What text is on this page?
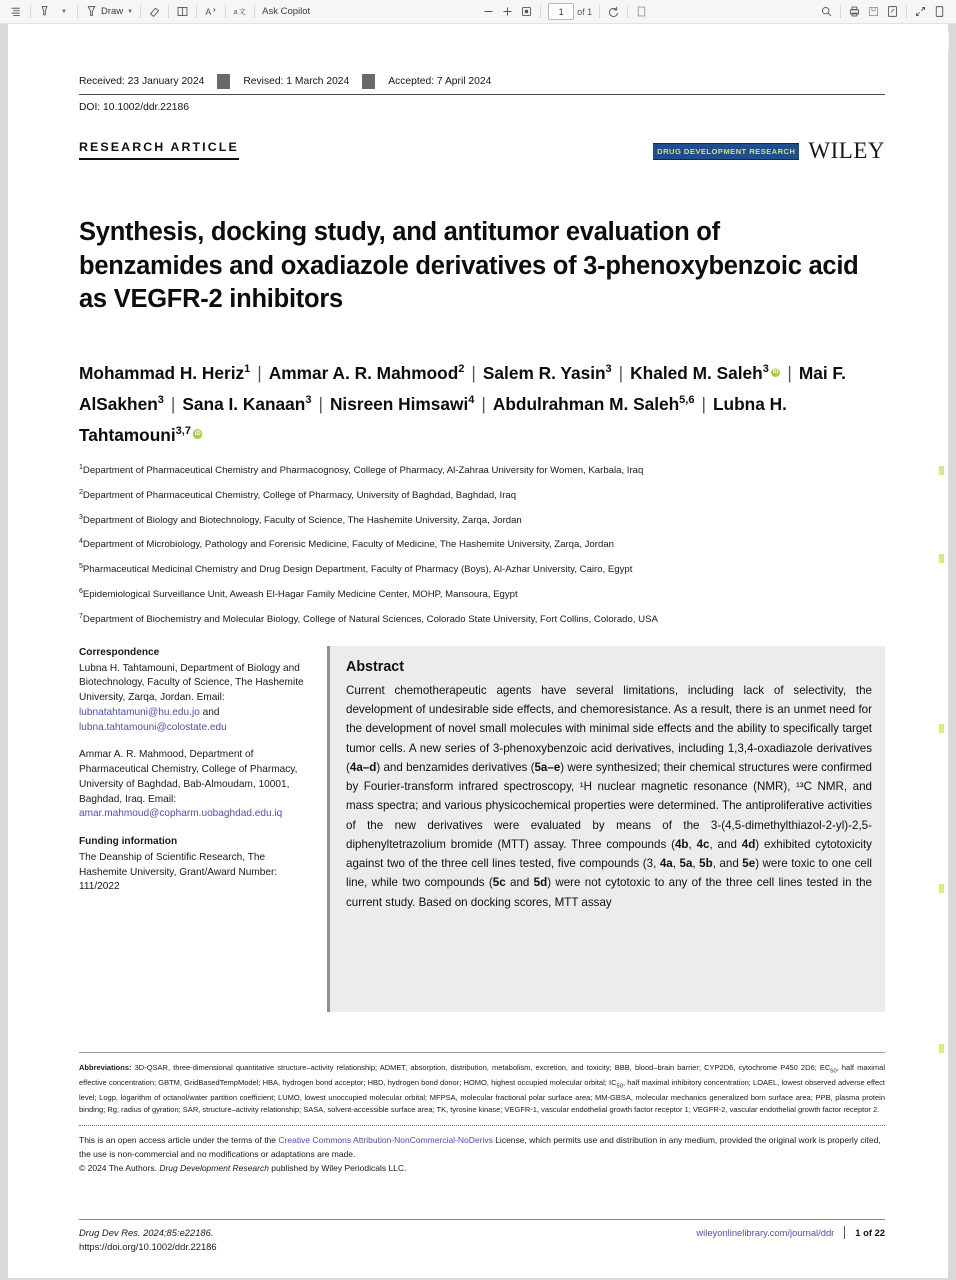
▼	Draw ▼	A a 文 Ask Copilot	1	of 1
Received: 23 January 2024	Revised: 1 March 2024	Accepted: 7 April 2024
DOI: 10.1002/ddr.22186
RESEARCH ARTICLE	DRUG DEVELOPMENT RESEARCH WILEY
Synthesis, docking study, and antitumor evaluation of benzamides and oxadiazole derivatives of 3-phenoxybenzoic acid as VEGFR-2 inhibitors
Mohammad H. Heriz$^1$ | Ammar A. R. Mahmood$^2$ | Salem R. Yasin$^3$ | Khaled M. Saleh$^3$ iD | Mai F. AlSakhen$^3$ | Sana I. Kanaan$^3$ | Nisreen Himsawi$^4$ | Abdulrahman M. Saleh$^{5,6}$ | Lubna H. Tahtamouni$^{3,7}$iD
$^1$Department of Pharmaceutical Chemistry and Pharmacognosy, College of Pharmacy, Al-Zahraa University for Women, Karbala, Iraq
$^2$Department of Pharmaceutical Chemistry, College of Pharmacy, University of Baghdad, Baghdad, Iraq
$^3$Department of Biology and Biotechnology, Faculty of Science, The Hashemite University, Zarqa, Jordan
$^4$Department of Microbiology, Pathology and Forensic Medicine, Faculty of Medicine, The Hashemite University, Zarqa, Jordan
$^5$Pharmaceutical Medicinal Chemistry and Drug Design Department, Faculty of Pharmacy (Boys), Al-Azhar University, Cairo, Egypt
$^6$Epidemiological Surveillance Unit, Aweash El-Hagar Family Medicine Center, MOHP, Mansoura, Egypt
$^7$Department of Biochemistry and Molecular Biology, College of Natural Sciences, Colorado State University, Fort Collins, Colorado, USA
Correspondence

Lubna H. Tahtamouni, Department of Biology and Biotechnology, Faculty of Science, The Hashemite University, Zarqa, Jordan. Email: lubnatahtamuni@hu.edu.jo and lubna.tahtamouni@colostate.edu

Ammar A. R. Mahmood, Department of Pharmaceutical Chemistry, College of Pharmacy, University of Baghdad, Bab-Almoudam, 10001, Baghdad, Iraq. Email: amar.mahmoud@copharm.uobaghdad.edu.iq

Funding information

The Deanship of Scientific Research, The Hashemite University, Grant/Award Number: 111/2022

Abstract

Current chemotherapeutic agents have several limitations, including lack of selectivity, the development of undesirable side effects, and chemoresistance. As a result, there is an unmet need for the development of novel small molecules with minimal side effects and the ability to specifically target tumor cells. A new series of 3-phenoxybenzoic acid derivatives, including 1,3,4-oxadiazole derivatives (4a–d) and benzamides derivatives (5a–e) were synthesized; their chemical structures were confirmed by Fourier-transform infrared spectroscopy, ¹H nuclear magnetic resonance (NMR), ¹³C NMR, and mass spectra; and various physicochemical properties were determined. The antiproliferative activities of the new derivatives were evaluated by means of the 3-(4,5-dimethylthiazol-2-yl)-2,5-diphenyltetrazolium bromide (MTT) assay. Three compounds (4b, 4c, and 4d) exhibited cytotoxicity against two of the three cell lines tested, five compounds (3, 4a, 5a, 5b, and 5e) were toxic to one cell line, while two compounds (5c and 5d) were not cytotoxic to any of the three cell lines tested in the current study. Based on docking scores, MTT assay

Abbreviations: 3D-QSAR, three-dimensional quantitative structure–activity relationship; ADMET, absorption, distribution, metabolism, excretion, and toxicity; BBB, blood–brain barrier; CYP2D6, cytochrome P450 2D6; $EC_{50}$, half maximal effective concentration; GBTM, GridBasedTempModel; HBA, hydrogen bond acceptor; HBD, hydrogen bond donor; HOMO, highest occupied molecular orbital; $IC_{50}$, half maximal inhibitory concentration; LOAEL, lowest observed adverse effect level; Logp, logarithm of octanol/water partition coefficient; LUMO, lowest unoccupied molecular orbital; MFPSA, molecular fractional polar surface area; MM-GBSA, molecular mechanics generalized born surface area; PPB, plasma protein binding; Rg, radius of gyration; SAR, structure–activity relationship; SASA, solvent-accessible surface area; TK, tyrosine kinase; VEGFR-1, vascular endothelial growth factor receptor 1; VEGFR-2, vascular endothelial growth factor receptor 2.
This is an open access article under the terms of the Creative Commons Attribution-NonCommercial-NoDerivs License, which permits use and distribution in any medium, provided the original work is properly cited, the use is non-commercial and no modifications or adaptations are made.
© 2024 The Authors. Drug Development Research published by Wiley Periodicals LLC.
Drug Dev Res. 2024;85:e22186.
https://doi.org/10.1002/ddr.22186
wileyonlinelibrary.com/journal/ddr 1 of 22
